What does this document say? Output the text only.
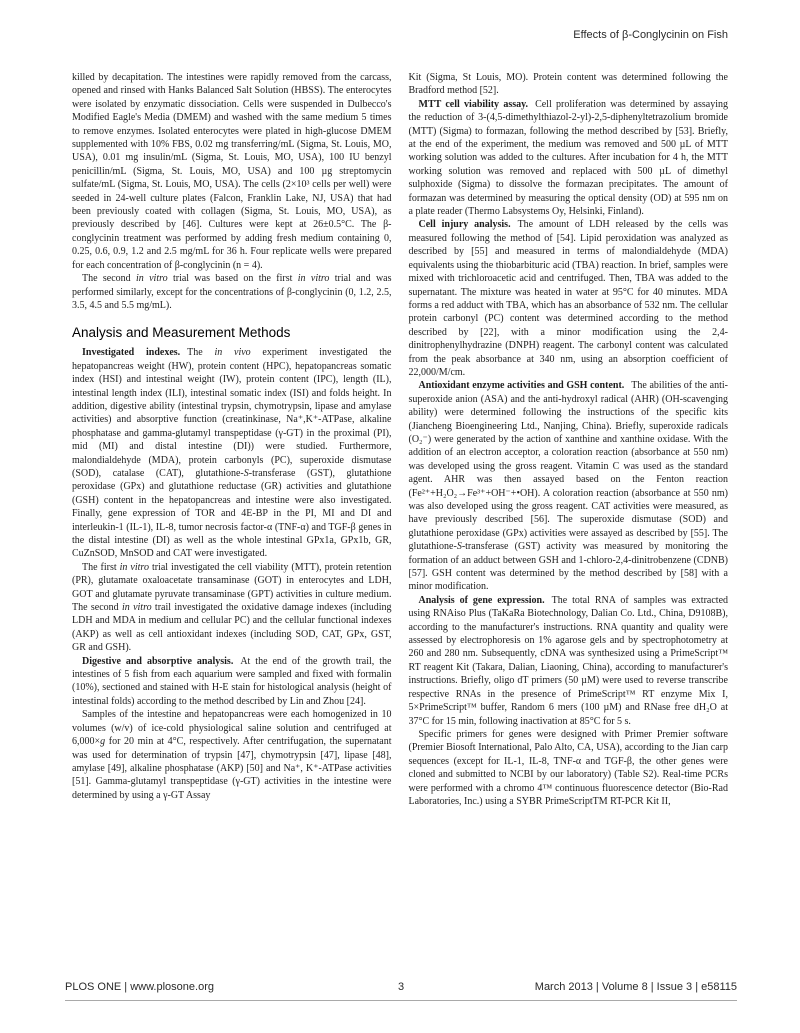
Effects of β-Conglycinin on Fish

killed by decapitation. The intestines were rapidly removed from the carcass, opened and rinsed with Hanks Balanced Salt Solution (HBSS). The enterocytes were isolated by enzymatic dissociation. Cells were suspended in Dulbecco's Modified Eagle's Media (DMEM) and washed with the same medium 5 times to remove enzymes. Isolated enterocytes were plated in high-glucose DMEM supplemented with 10% FBS, 0.02 mg transferring/mL (Sigma, St. Louis, MO, USA), 0.01 mg insulin/mL (Sigma, St. Louis, MO, USA), 100 IU benzyl penicillin/mL (Sigma, St. Louis, MO, USA) and 100 µg streptomycin sulfate/mL (Sigma, St. Louis, MO, USA). The cells (2×10³ cells per well) were seeded in 24-well culture plates (Falcon, Franklin Lake, NJ, USA) that had been previously coated with collagen (Sigma, St. Louis, MO, USA), as previously described by [46]. Cultures were kept at 26±0.5°C. The β-conglycinin treatment was performed by adding fresh medium containing 0, 0.25, 0.6, 0.9, 1.2 and 2.5 mg/mL for 36 h. Four replicate wells were prepared for each concentration of β-conglycinin (n = 4).

The second in vitro trial was based on the first in vitro trial and was performed similarly, except for the concentrations of β-conglycinin (0, 1.2, 2.5, 3.5, 4.5 and 5.5 mg/mL).

Analysis and Measurement Methods

Investigated indexes. The in vivo experiment investigated the hepatopancreas weight (HW), protein content (HPC), hepatopancreas somatic index (HSI) and intestinal weight (IW), protein content (IPC), length (IL), intestinal length index (ILI), intestinal somatic index (ISI) and folds height. In addition, digestive ability (intestinal trypsin, chymotrypsin, lipase and amylase activities) and absorptive function (creatinkinase, Na⁺,K⁺-ATPase, alkaline phosphatase and gamma-glutamyl transpeptidase (γ-GT) in the proximal (PI), mid (MI) and distal intestine (DI)) were studied. Furthermore, malondialdehyde (MDA), protein carbonyls (PC), superoxide dismutase (SOD), catalase (CAT), glutathione-S-transferase (GST), glutathione peroxidase (GPx) and glutathione reductase (GR) activities and glutathione (GSH) content in the hepatopancreas and intestine were also investigated. Finally, gene expression of TOR and 4E-BP in the PI, MI and DI and interleukin-1 (IL-1), IL-8, tumor necrosis factor-α (TNF-α) and TGF-β genes in the distal intestine (DI) as well as the whole intestinal GPx1a, GPx1b, GR, CuZnSOD, MnSOD and CAT were investigated.

The first in vitro trial investigated the cell viability (MTT), protein retention (PR), glutamate oxaloacetate transaminase (GOT) in enterocytes and LDH, GOT and glutamate pyruvate transaminase (GPT) activities in culture medium. The second in vitro trail investigated the oxidative damage indexes (including LDH and MDA in medium and cellular PC) and the cellular functional indexes (AKP) as well as cell antioxidant indexes (including SOD, CAT, GPx, GST, GR and GSH).

Digestive and absorptive analysis. At the end of the growth trail, the intestines of 5 fish from each aquarium were sampled and fixed with formalin (10%), sectioned and stained with H-E stain for histological analysis (height of intestinal folds) according to the method described by Lin and Zhou [24].

Samples of the intestine and hepatopancreas were each homogenized in 10 volumes (w/v) of ice-cold physiological saline solution and centrifuged at 6,000×g for 20 min at 4°C, respectively. After centrifugation, the supernatant was used for determination of trypsin [47], chymotrypsin [47], lipase [48], amylase [49], alkaline phosphatase (AKP) [50] and Na⁺, K⁺-ATPase activities [51]. Gamma-glutamyl transpeptidase (γ-GT) activities in the intestine were determined by using a γ-GT Assay

Kit (Sigma, St Louis, MO). Protein content was determined following the Bradford method [52].

MTT cell viability assay. Cell proliferation was determined by assaying the reduction of 3-(4,5-dimethylthiazol-2-yl)-2,5-diphenyltetrazolium bromide (MTT) (Sigma) to formazan, following the method described by [53]. Briefly, at the end of the experiment, the medium was removed and 500 µL of MTT working solution was added to the cultures. After incubation for 4 h, the MTT working solution was removed and replaced with 500 µL of dimethyl sulphoxide (Sigma) to dissolve the formazan precipitates. The amount of formazan was determined by measuring the optical density (OD) at 595 nm on a plate reader (Thermo Labsystems Oy, Helsinki, Finland).

Cell injury analysis. The amount of LDH released by the cells was measured following the method of [54]. Lipid peroxidation was analyzed as described by [55] and measured in terms of malondialdehyde (MDA) equivalents using the thiobarbituric acid (TBA) reaction. In brief, samples were mixed with trichloroacetic acid and centrifuged. Then, TBA was added to the supernatant. The mixture was heated in water at 95°C for 40 minutes. MDA forms a red adduct with TBA, which has an absorbance of 532 nm. The cellular protein carbonyl (PC) content was determined according to the method described by [22], with a minor modification using the 2,4-dinitrophenylhydrazine (DNPH) reagent. The carbonyl content was calculated from the peak absorbance at 340 nm, using an absorption coefficient of 22,000/M/cm.

Antioxidant enzyme activities and GSH content. The abilities of the anti-superoxide anion (ASA) and the anti-hydroxyl radical (AHR) (OH-scavenging ability) were determined following the instructions of the specific kits (Jiancheng Bioengineering Ltd., Nanjing, China). Briefly, superoxide radicals (O₂⁻) were generated by the action of xanthine and xanthine oxidase. With the addition of an electron acceptor, a coloration reaction (absorbance at 550 nm) was developed using the gross reagent. Vitamin C was used as the standard agent. AHR was then assayed based on the Fenton reaction (Fe²⁺+H₂O₂→Fe³⁺+OH⁻+•OH). A coloration reaction (absorbance at 550 nm) was also developed using the gross reagent. CAT activities were measured, as have previously described [56]. The superoxide dismutase (SOD) and glutathione peroxidase (GPx) activities were assayed as described by [55]. The glutathione-S-transferase (GST) activity was measured by monitoring the formation of an adduct between GSH and 1-chloro-2,4-dinitrobenzene (CDNB) [57]. GSH content was determined by the method described by [58] with a minor modification.

Analysis of gene expression. The total RNA of samples was extracted using RNAiso Plus (TaKaRa Biotechnology, Dalian Co. Ltd., China, D9108B), according to the manufacturer's instructions. RNA quantity and quality were assessed by electrophoresis on 1% agarose gels and by spectrophotometry at 260 and 280 nm. Subsequently, cDNA was synthesized using a PrimeScript™ RT reagent Kit (Takara, Dalian, Liaoning, China), according to manufacturer's instructions. Briefly, oligo dT primers (50 µM) were used to reverse transcribe respective RNAs in the presence of PrimeScript™ RT enzyme Mix I, 5×PrimeScript™ buffer, Random 6 mers (100 µM) and RNase free dH₂O at 37°C for 15 min, following inactivation at 85°C for 5 s.

Specific primers for genes were designed with Primer Premier software (Premier Biosoft International, Palo Alto, CA, USA), according to the Jian carp sequences (except for IL-1, IL-8, TNF-α and TGF-β, the other genes were cloned and submitted to NCBI by our laboratory) (Table S2). Real-time PCRs were performed with a chromo 4™ continuous fluorescence detector (Bio-Rad Laboratories, Inc.) using a SYBR PrimeScriptTM RT-PCR Kit II,

PLOS ONE | www.plosone.org	3	March 2013 | Volume 8 | Issue 3 | e58115
